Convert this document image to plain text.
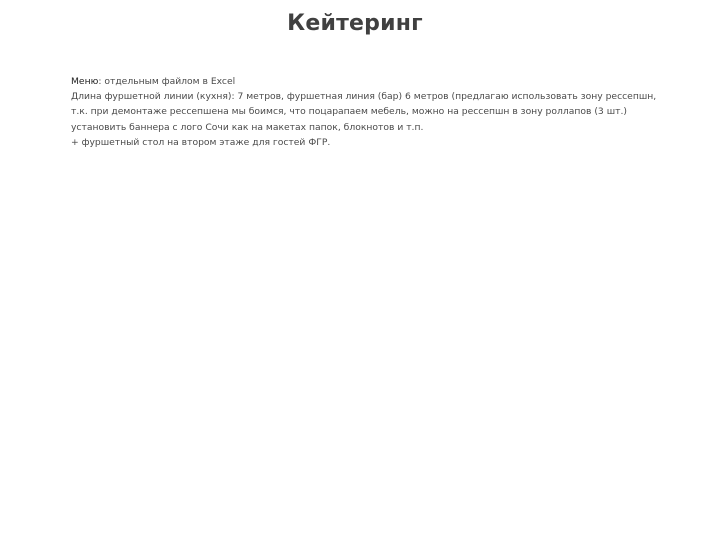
Кейтеринг
Меню: отдельным файлом в Excel
Длина фуршетной линии (кухня): 7 метров, фуршетная линия (бар) 6 метров (предлагаю использовать зону рессепшн,
т.к. при демонтаже рессепшена мы боимся, что поцарапаем мебель, можно на рессепшн в зону роллапов (3 шт.)
установить баннера с лого Сочи как на макетах папок, блокнотов и т.п.
+ фуршетный стол на втором этаже для гостей ФГР.
